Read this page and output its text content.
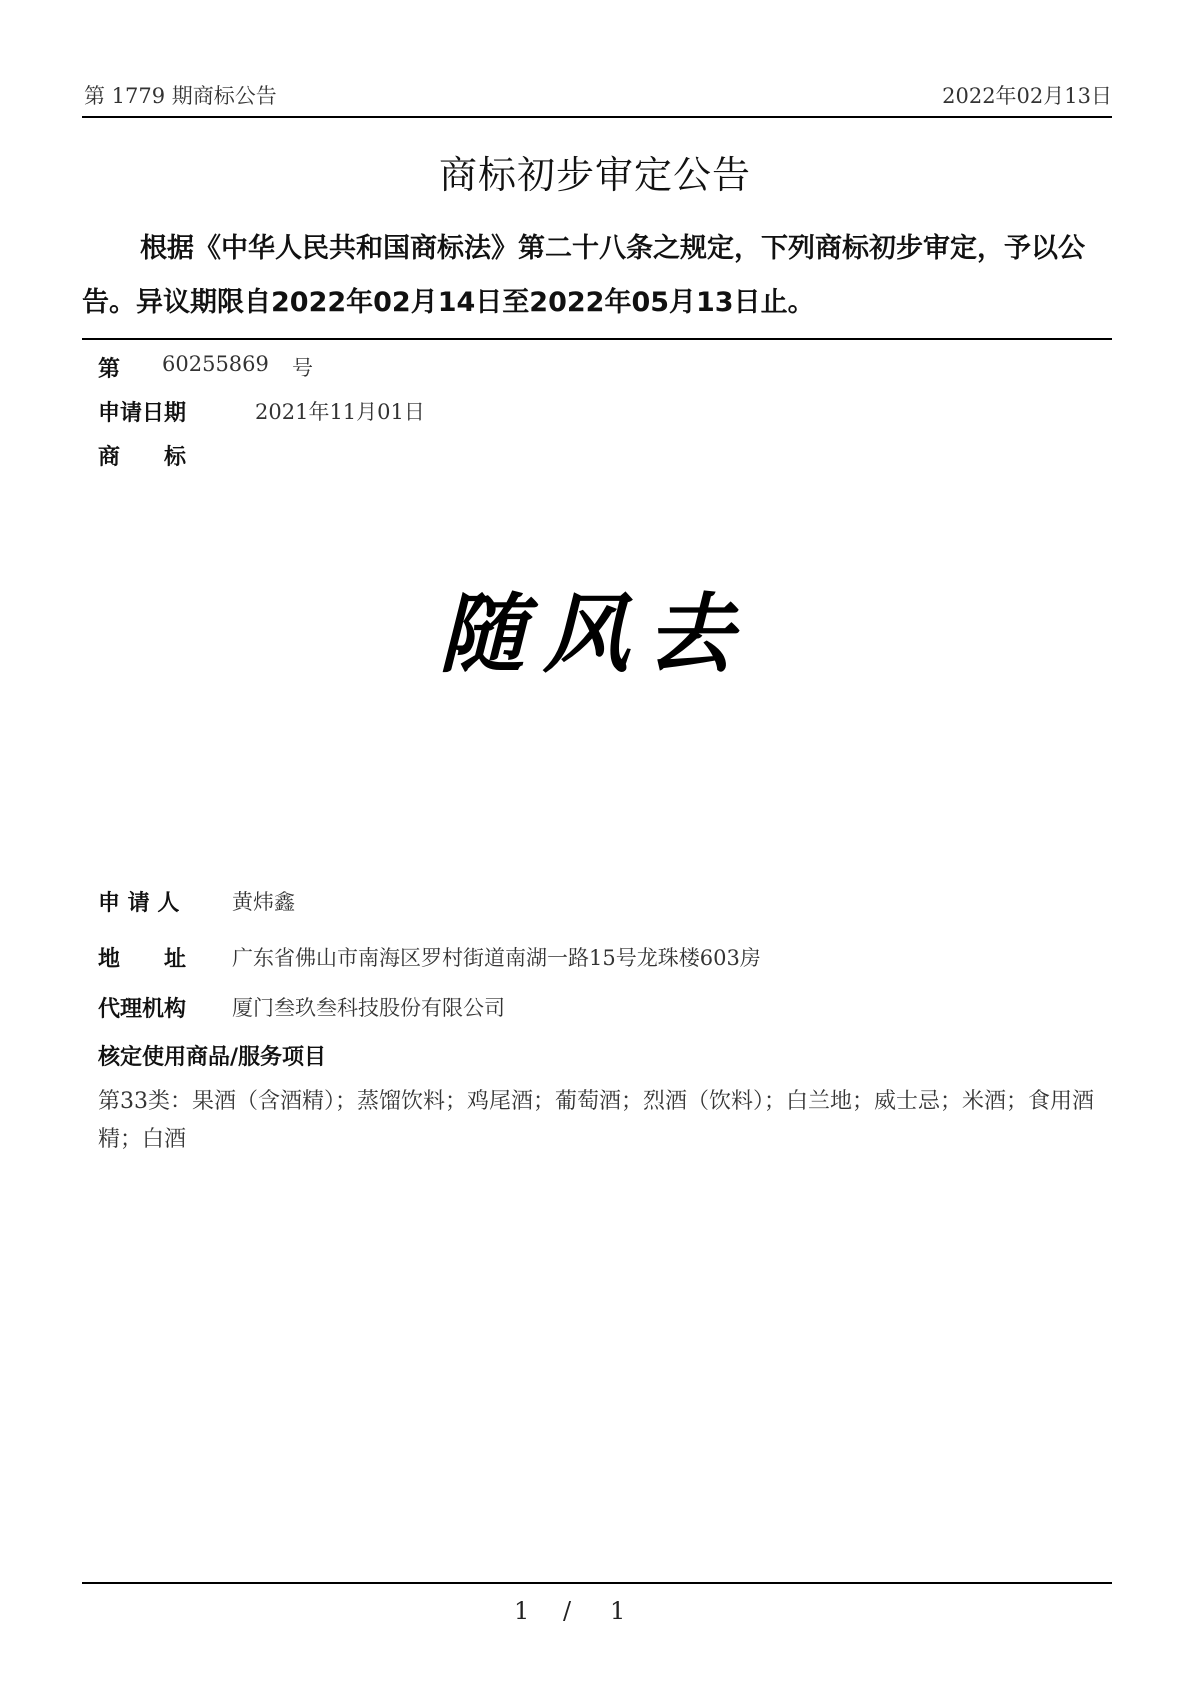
第 1779 期商标公告	2022年02月13日
商标初步审定公告
根据《中华人民共和国商标法》第二十八条之规定，下列商标初步审定，予以公告。异议期限自2022年02月14日至2022年05月13日止。
第 60255869 号
申请日期	2021年11月01日
商　　标
随风去
申 请 人	黄炜鑫
地　　址 广东省佛山市南海区罗村街道南湖一路15号龙珠楼603房
代理机构 厦门叁玖叁科技股份有限公司
核定使用商品/服务项目
第33类：果酒（含酒精）；蒸馏饮料；鸡尾酒；葡萄酒；烈酒（饮料）；白兰地；威士忌；米酒；食用酒精；白酒
1 / 1
